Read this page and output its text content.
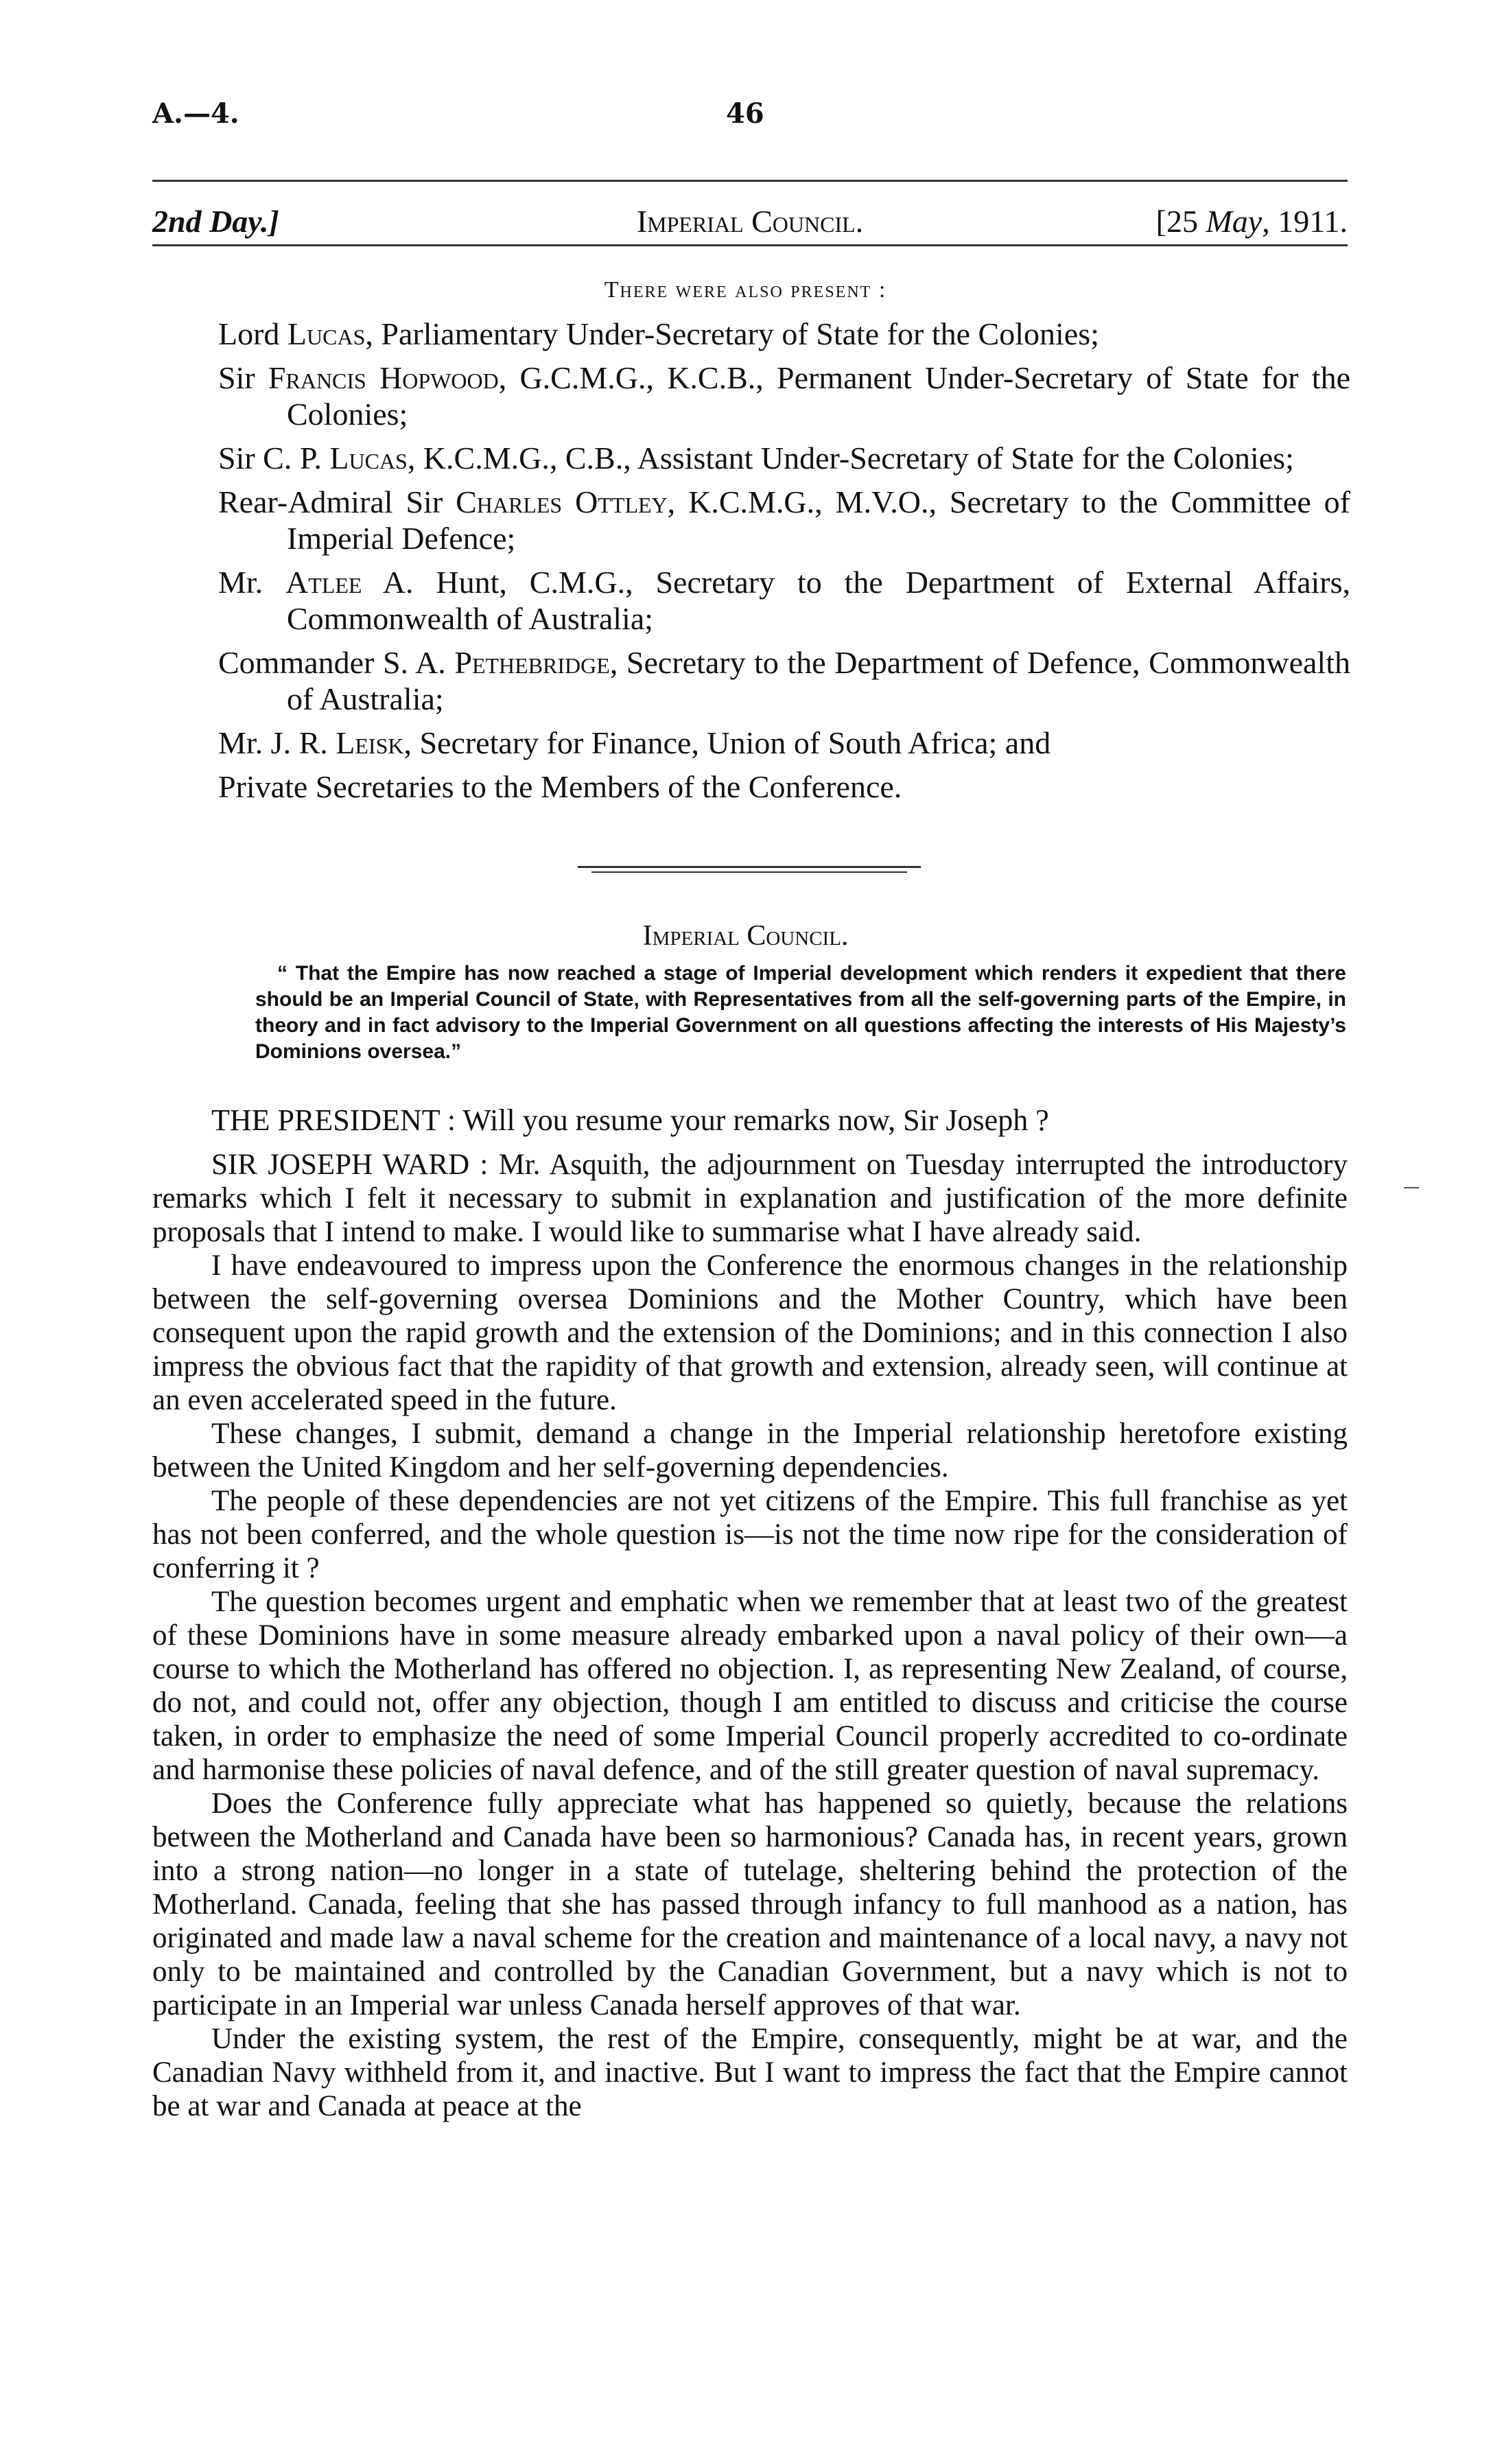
A.—4.	46
2nd Day.]	Imperial Council.	[25 May, 1911.
There were also present :
Lord Lucas, Parliamentary Under-Secretary of State for the Colonies;
Sir Francis Hopwood, G.C.M.G., K.C.B., Permanent Under-Secretary of State for the Colonies;
Sir C. P. Lucas, K.C.M.G., C.B., Assistant Under-Secretary of State for the Colonies;
Rear-Admiral Sir Charles Ottley, K.C.M.G., M.V.O., Secretary to the Committee of Imperial Defence;
Mr. Atlee A. Hunt, C.M.G., Secretary to the Department of External Affairs, Commonwealth of Australia;
Commander S. A. Pethebridge, Secretary to the Department of Defence, Commonwealth of Australia;
Mr. J. R. Leisk, Secretary for Finance, Union of South Africa; and
Private Secretaries to the Members of the Conference.
Imperial Council.

“ That the Empire has now reached a stage of Imperial development which renders it expedient that there should be an Imperial Council of State, with Representatives from all the self-governing parts of the Empire, in theory and in fact advisory to the Imperial Government on all questions affecting the interests of His Majesty’s Dominions oversea.”

THE PRESIDENT : Will you resume your remarks now, Sir Joseph ?

SIR JOSEPH WARD : Mr. Asquith, the adjournment on Tuesday interrupted the introductory remarks which I felt it necessary to submit in explanation and justification of the more definite proposals that I intend to make. I would like to summarise what I have already said.

I have endeavoured to impress upon the Conference the enormous changes in the relationship between the self-governing oversea Dominions and the Mother Country, which have been consequent upon the rapid growth and the extension of the Dominions; and in this connection I also impress the obvious fact that the rapidity of that growth and extension, already seen, will continue at an even accelerated speed in the future.

These changes, I submit, demand a change in the Imperial relationship heretofore existing between the United Kingdom and her self-governing dependencies.

The people of these dependencies are not yet citizens of the Empire. This full franchise as yet has not been conferred, and the whole question is—is not the time now ripe for the consideration of conferring it ?

The question becomes urgent and emphatic when we remember that at least two of the greatest of these Dominions have in some measure already embarked upon a naval policy of their own—a course to which the Motherland has offered no objection. I, as representing New Zealand, of course, do not, and could not, offer any objection, though I am entitled to discuss and criticise the course taken, in order to emphasize the need of some Imperial Council properly accredited to co-ordinate and harmonise these policies of naval defence, and of the still greater question of naval supremacy.

Does the Conference fully appreciate what has happened so quietly, because the relations between the Motherland and Canada have been so harmonious? Canada has, in recent years, grown into a strong nation—no longer in a state of tutelage, sheltering behind the protection of the Motherland. Canada, feeling that she has passed through infancy to full manhood as a nation, has originated and made law a naval scheme for the creation and maintenance of a local navy, a navy not only to be maintained and controlled by the Canadian Government, but a navy which is not to participate in an Imperial war unless Canada herself approves of that war.

Under the existing system, the rest of the Empire, consequently, might be at war, and the Canadian Navy withheld from it, and inactive. But I want to impress the fact that the Empire cannot be at war and Canada at peace at the
